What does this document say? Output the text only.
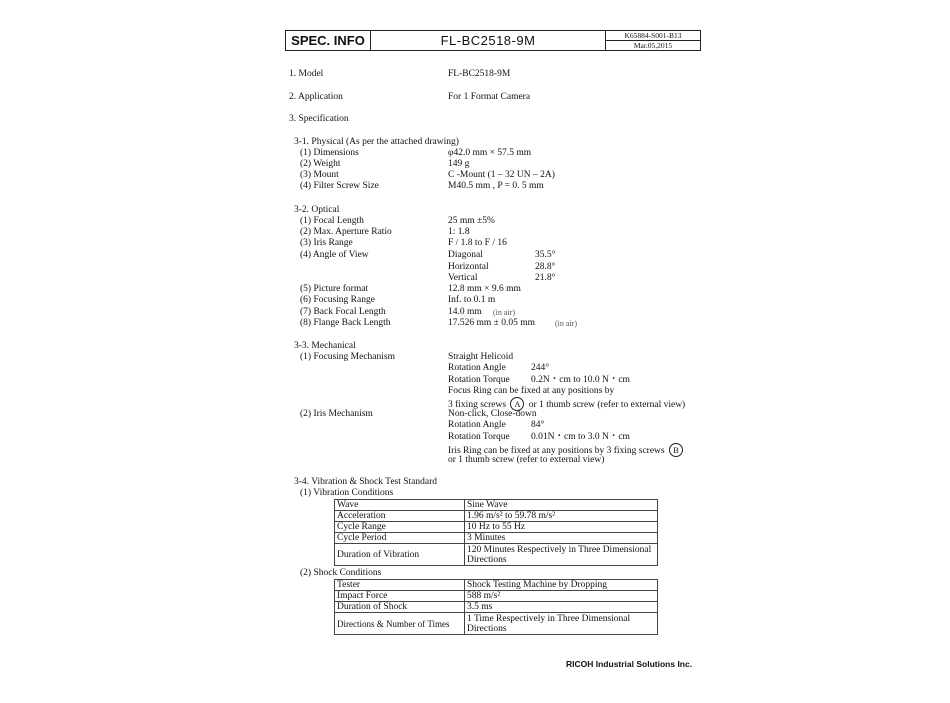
SPEC. INFO	FL-BC2518-9M	K65884-S001-B13
Mar.05,2015
1. Model	FL-BC2518-9M
2. Application	For 1 Format Camera
3. Specification
3-1. Physical (As per the attached drawing)
(1) Dimensions	φ42.0 mm × 57.5 mm
(2) Weight	149 g
(3) Mount	C -Mount (1 – 32 UN – 2A)
(4) Filter Screw Size	M40.5 mm , P = 0. 5 mm
3-2. Optical
(1) Focal Length	25 mm ±5%
(2) Max. Aperture Ratio	1: 1.8
(3) Iris Range	F / 1.8 to F / 16
(4) Angle of View	Diagonal	35.5°
Horizontal	28.8°
Vertical	21.8°
(5) Picture format	12.8 mm × 9.6 mm
(6) Focusing Range	Inf. to 0.1 m
(7) Back Focal Length	14.0 mm (in air)
(8) Flange Back Length	17.526 mm ± 0.05 mm (in air)
3-3. Mechanical
(1) Focusing Mechanism	Straight Helicoid
Rotation Angle	244°
Rotation Torque 0.2N・cm to 10.0 N・cm
Focus Ring can be fixed at any positions by
3 fixing screws A or 1 thumb screw (refer to external view)
(2) Iris Mechanism	Non-click, Close-down
Rotation Angle	84°
Rotation Torque 0.01N・cm to 3.0 N・cm
Iris Ring can be fixed at any positions by 3 fixing screws B
or 1 thumb screw (refer to external view)
3-4. Vibration & Shock Test Standard
(1) Vibration Conditions
Wave	Sine Wave
Acceleration	1.96 m/s² to 59.78 m/s²
Cycle Range	10 Hz to 55 Hz
Cycle Period	3 Minutes
Duration of Vibration	120 Minutes Respectively in Three Dimensional Directions
(2) Shock Conditions
Tester	Shock Testing Machine by Dropping
Impact Force	588 m/s²
Duration of Shock	3.5 ms
Directions & Number of Times	1 Time Respectively in Three Dimensional Directions
RICOH Industrial Solutions Inc.
